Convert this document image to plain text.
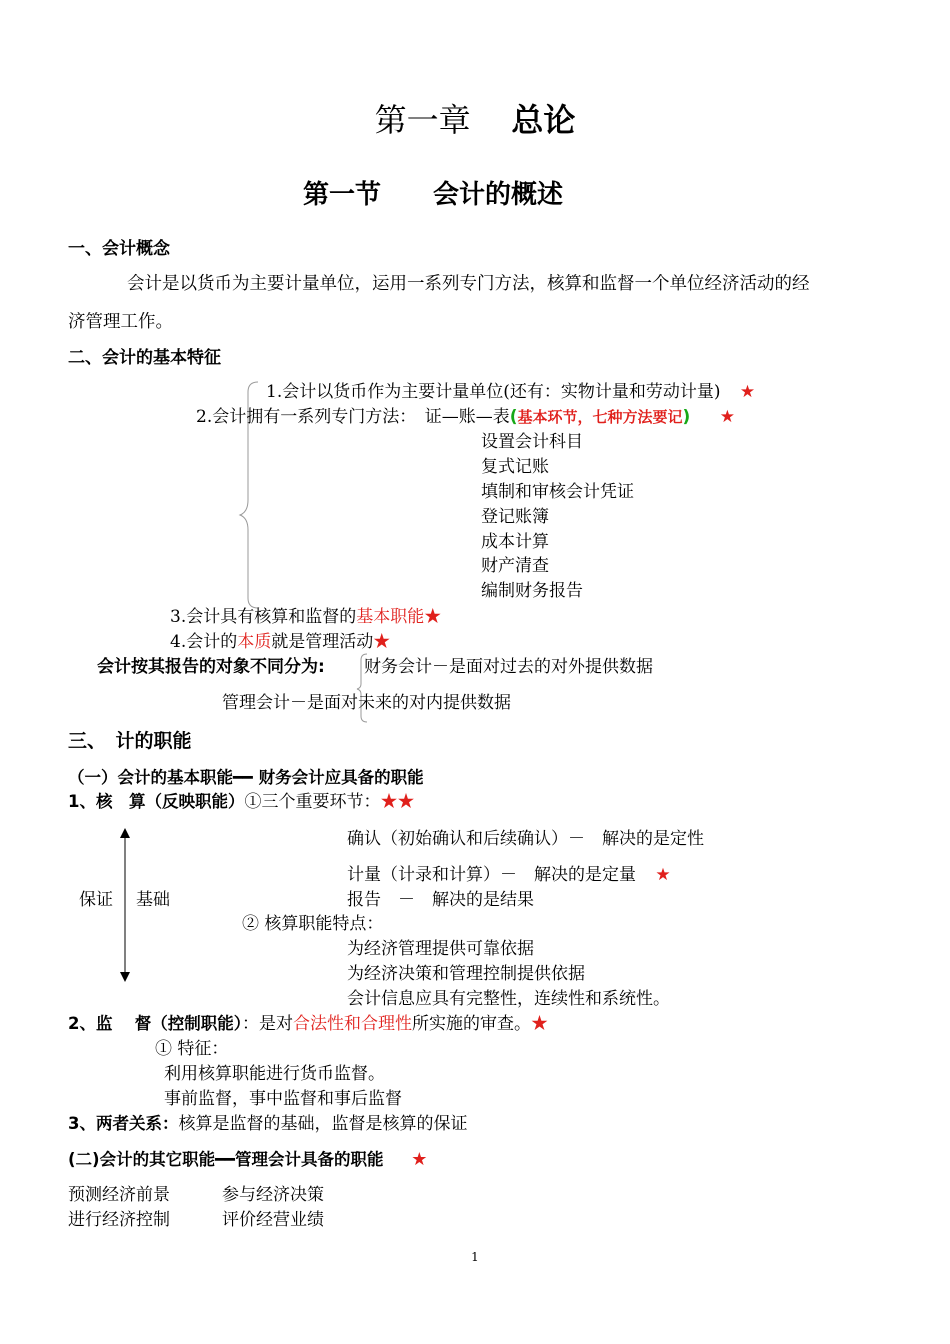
第一章 总论
第一节　　会计的概述
一、会计概念
会计是以货币为主要计量单位，运用一系列专门方法，核算和监督一个单位经济活动的经
济管理工作。
二、会计的基本特征
1.会计以货币作为主要计量单位(还有：实物计量和劳动计量) ★
2.会计拥有一系列专门方法：　证—账—表(基本环节，七种方法要记) ★
设置会计科目
复式记账
填制和审核会计凭证
登记账簿
成本计算
财产清查
编制财务报告
3.会计具有核算和监督的基本职能★
4.会计的本质就是管理活动★
会计按其报告的对象不同分为: 财务会计－是面对过去的对外提供数据
管理会计－是面对未来的对内提供数据
三、　计的职能
（一）会计的基本职能━━ 财务会计应具备的职能
1、核　算（反映职能）①三个重要环节：★★
确认（初始确认和后续确认）－　解决的是定性
计量（计录和计算）－　解决的是定量 ★
报告　－　解决的是结果
保证 基础
② 核算职能特点：
为经济管理提供可靠依据
为经济决策和管理控制提供依据
会计信息应具有完整性，连续性和系统性。
2、监　 督（控制职能）：是对合法性和合理性所实施的审查。★
① 特征：
利用核算职能进行货币监督。
事前监督，事中监督和事后监督
3、两者关系：核算是监督的基础，监督是核算的保证
(二)会计的其它职能━━管理会计具备的职能 ★
预测经济前景	参与经济决策
进行经济控制	评价经营业绩
1
